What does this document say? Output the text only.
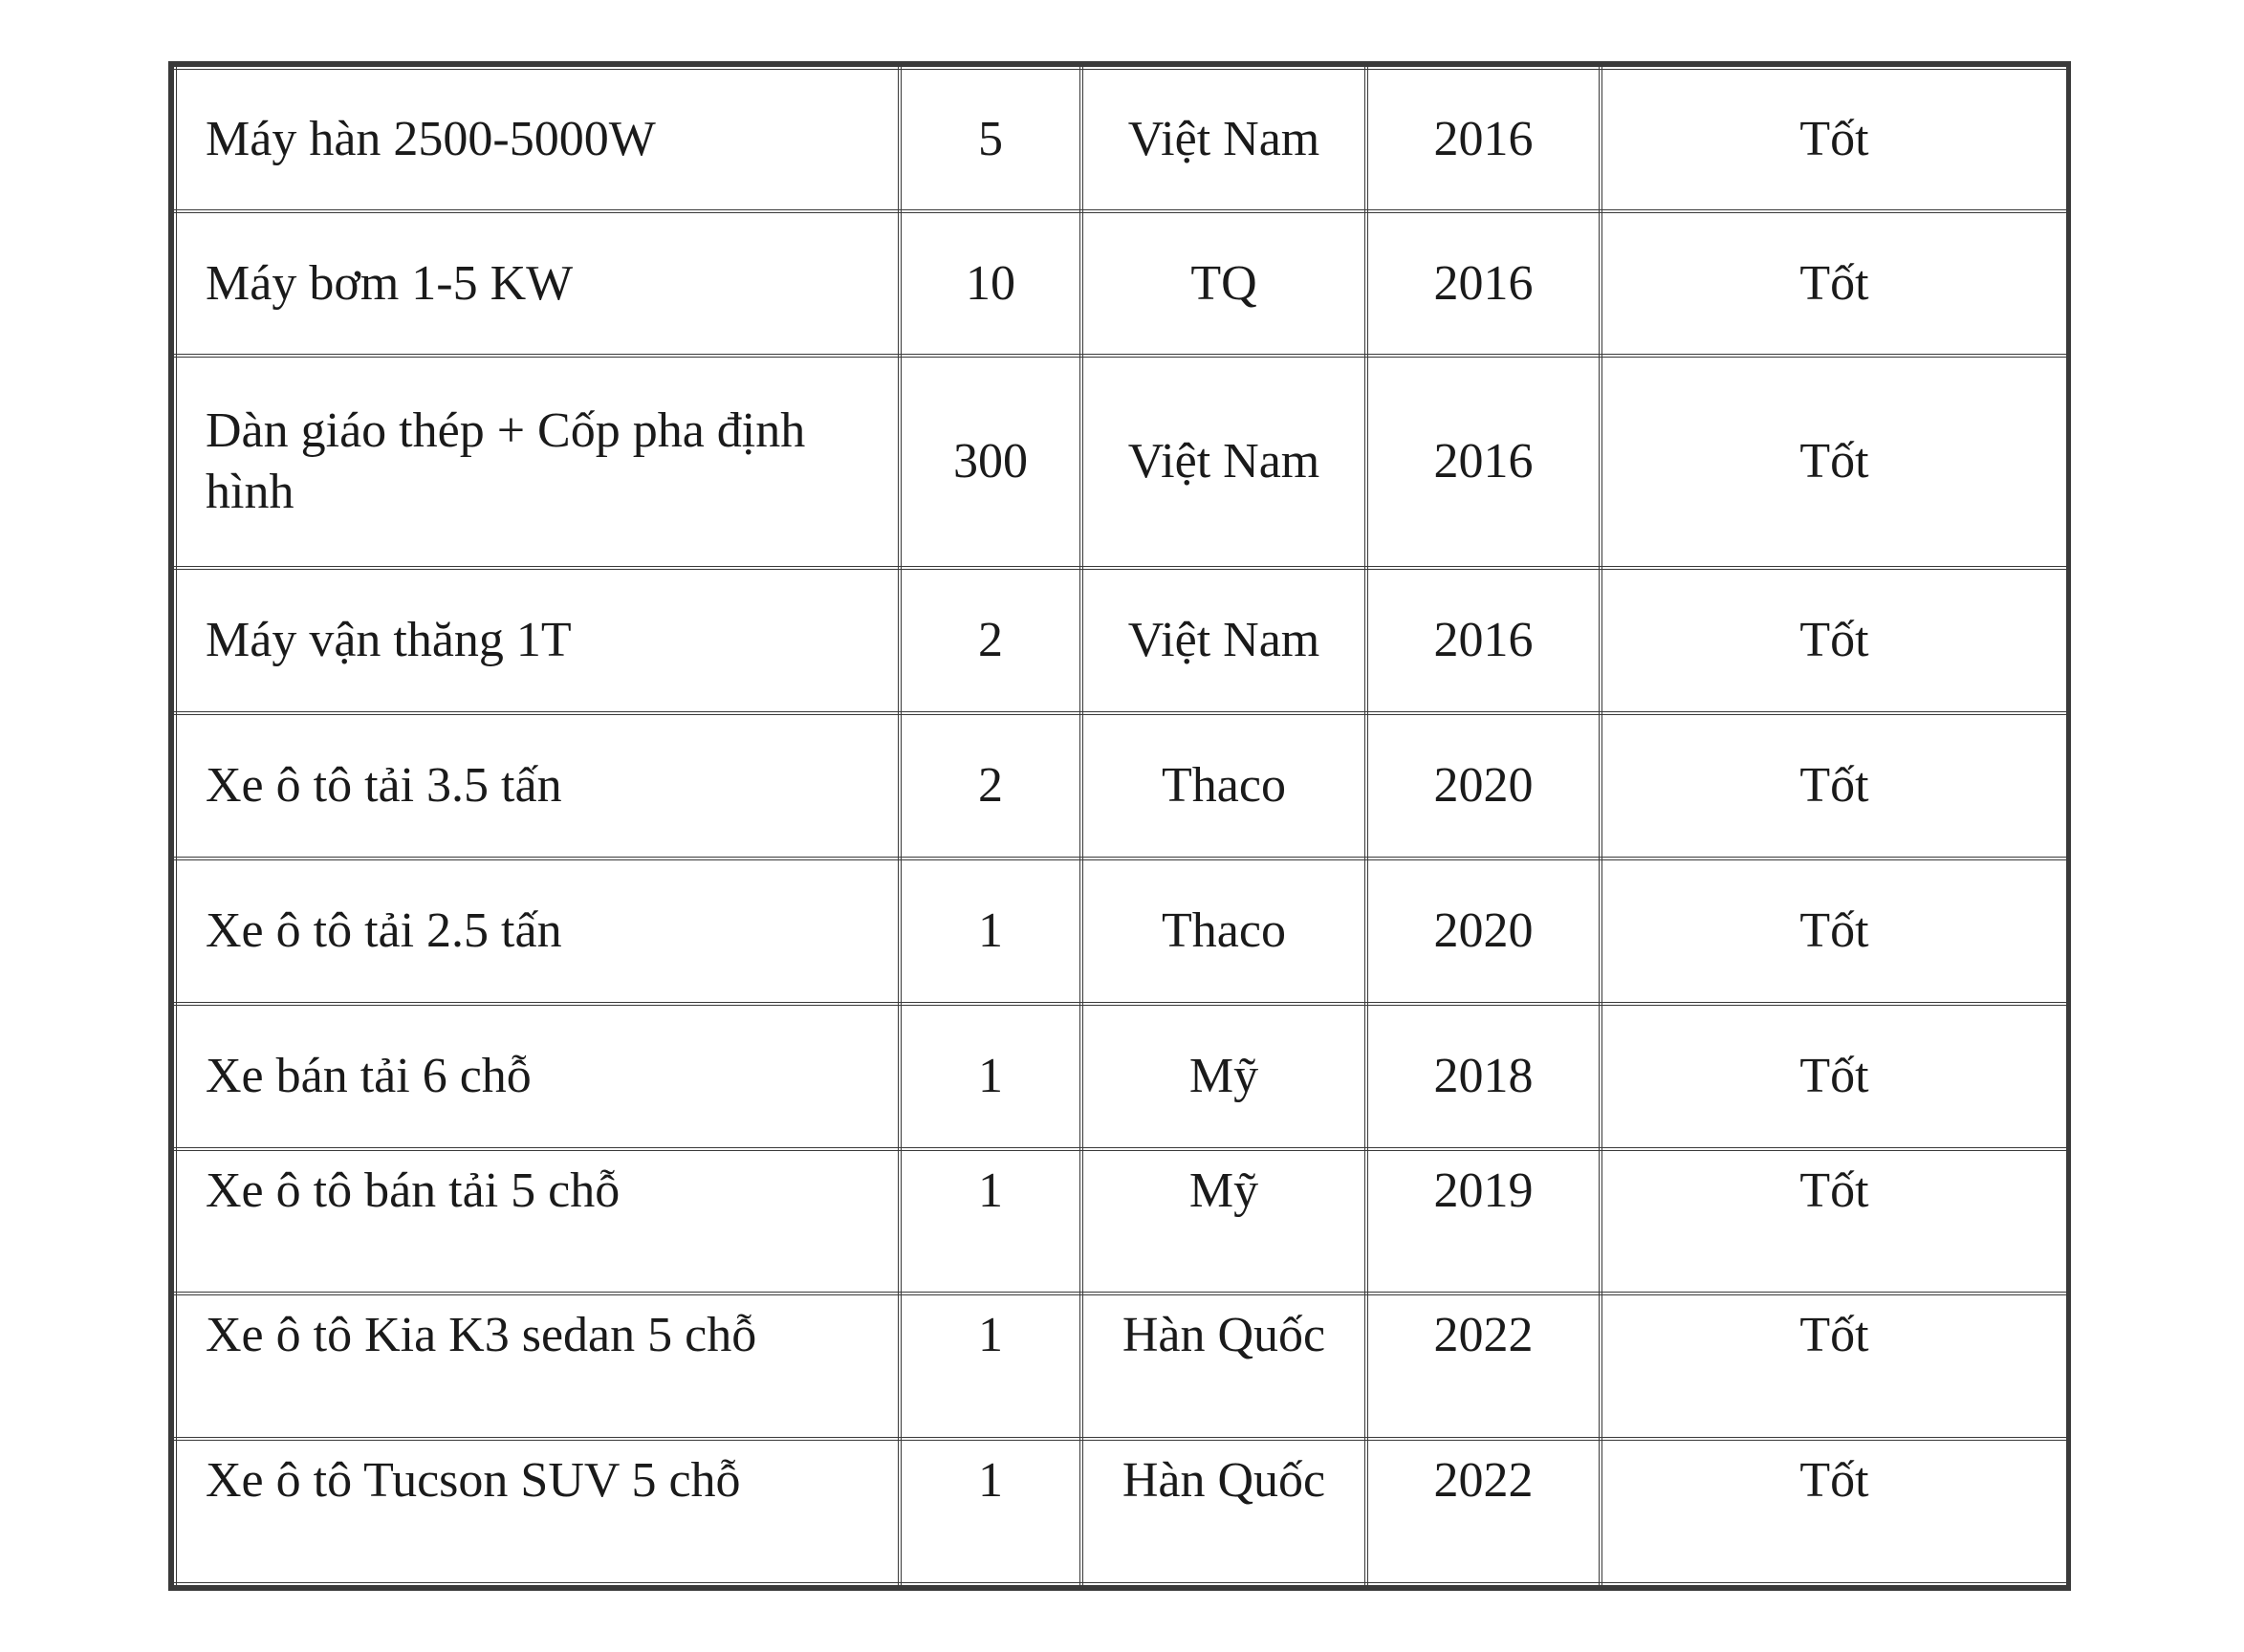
Máy hàn 2500-5000W	5	Việt Nam	2016	Tốt
Máy bơm 1-5 KW	10	TQ	2016	Tốt
Dàn giáo thép + Cốp pha định hình	300	Việt Nam	2016	Tốt
Máy vận thăng 1T	2	Việt Nam	2016	Tốt
Xe ô tô tải 3.5 tấn	2	Thaco	2020	Tốt
Xe ô tô tải 2.5 tấn	1	Thaco	2020	Tốt
Xe bán tải 6 chỗ	1	Mỹ	2018	Tốt
Xe ô tô bán tải 5 chỗ	1	Mỹ	2019	Tốt
Xe ô tô Kia K3 sedan 5 chỗ	1	Hàn Quốc	2022	Tốt
Xe ô tô Tucson SUV 5 chỗ	1	Hàn Quốc	2022	Tốt
